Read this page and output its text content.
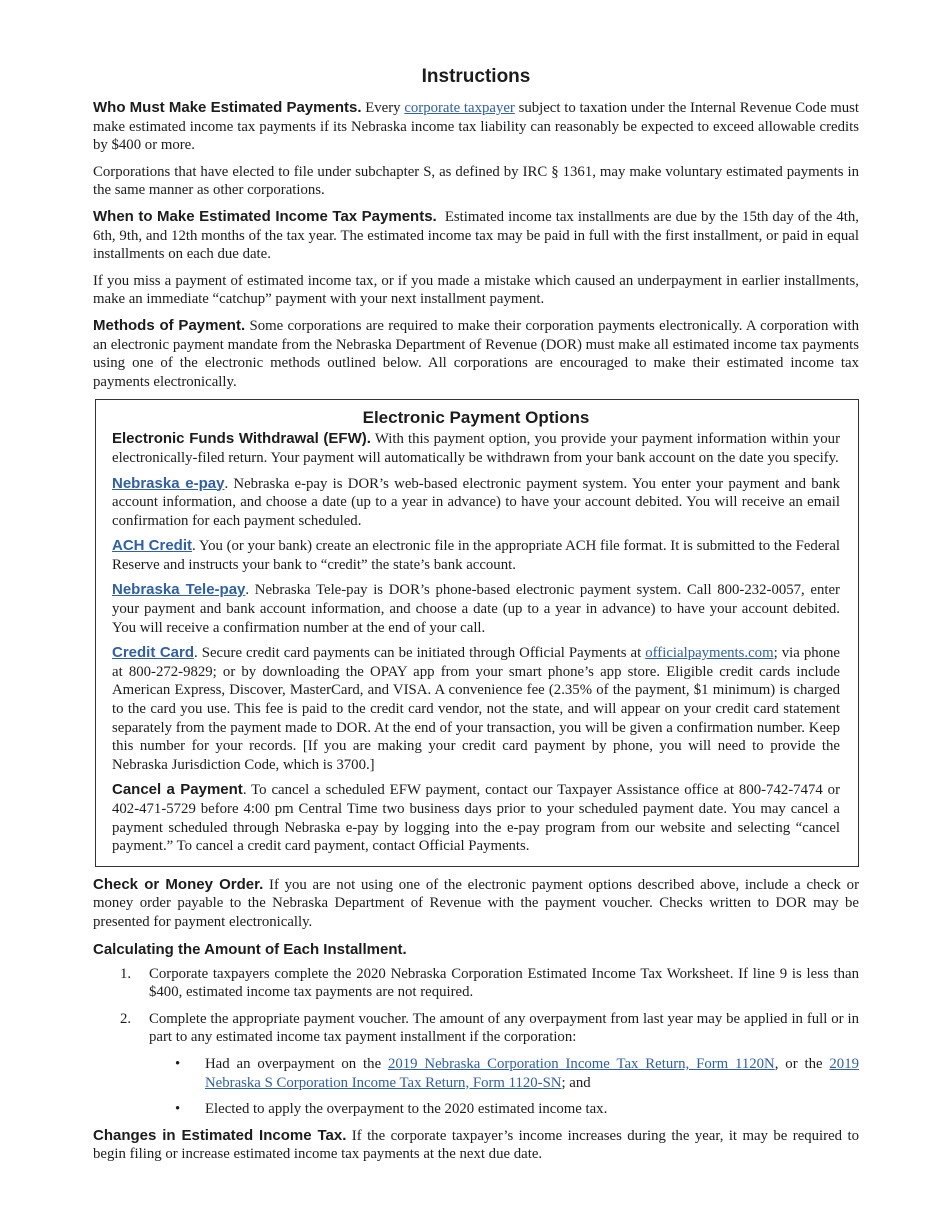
Instructions

Who Must Make Estimated Payments. Every corporate taxpayer subject to taxation under the Internal Revenue Code must make estimated income tax payments if its Nebraska income tax liability can reasonably be expected to exceed allowable credits by $400 or more.

Corporations that have elected to file under subchapter S, as defined by IRC § 1361, may make voluntary estimated payments in the same manner as other corporations.

When to Make Estimated Income Tax Payments.  Estimated income tax installments are due by the 15th day of the 4th, 6th, 9th, and 12th months of the tax year. The estimated income tax may be paid in full with the first installment, or paid in equal installments on each due date.

If you miss a payment of estimated income tax, or if you made a mistake which caused an underpayment in earlier installments, make an immediate “catchup” payment with your next installment payment.

Methods of Payment. Some corporations are required to make their corporation payments electronically. A corporation with an electronic payment mandate from the Nebraska Department of Revenue (DOR) must make all estimated income tax payments using one of the electronic methods outlined below. All corporations are encouraged to make their estimated income tax payments electronically.

Electronic Payment Options

Electronic Funds Withdrawal (EFW). With this payment option, you provide your payment information within your electronically-filed return. Your payment will automatically be withdrawn from your bank account on the date you specify.

Nebraska e-pay. Nebraska e-pay is DOR’s web-based electronic payment system. You enter your payment and bank account information, and choose a date (up to a year in advance) to have your account debited. You will receive an email confirmation for each payment scheduled.

ACH Credit. You (or your bank) create an electronic file in the appropriate ACH file format. It is submitted to the Federal Reserve and instructs your bank to “credit” the state’s bank account.

Nebraska Tele-pay. Nebraska Tele-pay is DOR’s phone-based electronic payment system. Call 800-232-0057, enter your payment and bank account information, and choose a date (up to a year in advance) to have your account debited. You will receive a confirmation number at the end of your call.

Credit Card. Secure credit card payments can be initiated through Official Payments at officialpayments.com; via phone at 800-272-9829; or by downloading the OPAY app from your smart phone’s app store. Eligible credit cards include American Express, Discover, MasterCard, and VISA. A convenience fee (2.35% of the payment, $1 minimum) is charged to the card you use. This fee is paid to the credit card vendor, not the state, and will appear on your credit card statement separately from the payment made to DOR. At the end of your transaction, you will be given a confirmation number. Keep this number for your records. [If you are making your credit card payment by phone, you will need to provide the Nebraska Jurisdiction Code, which is 3700.]

Cancel a Payment. To cancel a scheduled EFW payment, contact our Taxpayer Assistance office at 800-742-7474 or 402-471-5729 before 4:00 pm Central Time two business days prior to your scheduled payment date. You may cancel a payment scheduled through Nebraska e-pay by logging into the e-pay program from our website and selecting “cancel payment.” To cancel a credit card payment, contact Official Payments.

Check or Money Order. If you are not using one of the electronic payment options described above, include a check or money order payable to the Nebraska Department of Revenue with the payment voucher. Checks written to DOR may be presented for payment electronically.

Calculating the Amount of Each Installment.

1. Corporate taxpayers complete the 2020 Nebraska Corporation Estimated Income Tax Worksheet. If line 9 is less than $400, estimated income tax payments are not required.

2. Complete the appropriate payment voucher. The amount of any overpayment from last year may be applied in full or in part to any estimated income tax payment installment if the corporation:

• Had an overpayment on the 2019 Nebraska Corporation Income Tax Return, Form 1120N, or the 2019 Nebraska S Corporation Income Tax Return, Form 1120-SN; and

• Elected to apply the overpayment to the 2020 estimated income tax.

Changes in Estimated Income Tax. If the corporate taxpayer’s income increases during the year, it may be required to begin filing or increase estimated income tax payments at the next due date.
